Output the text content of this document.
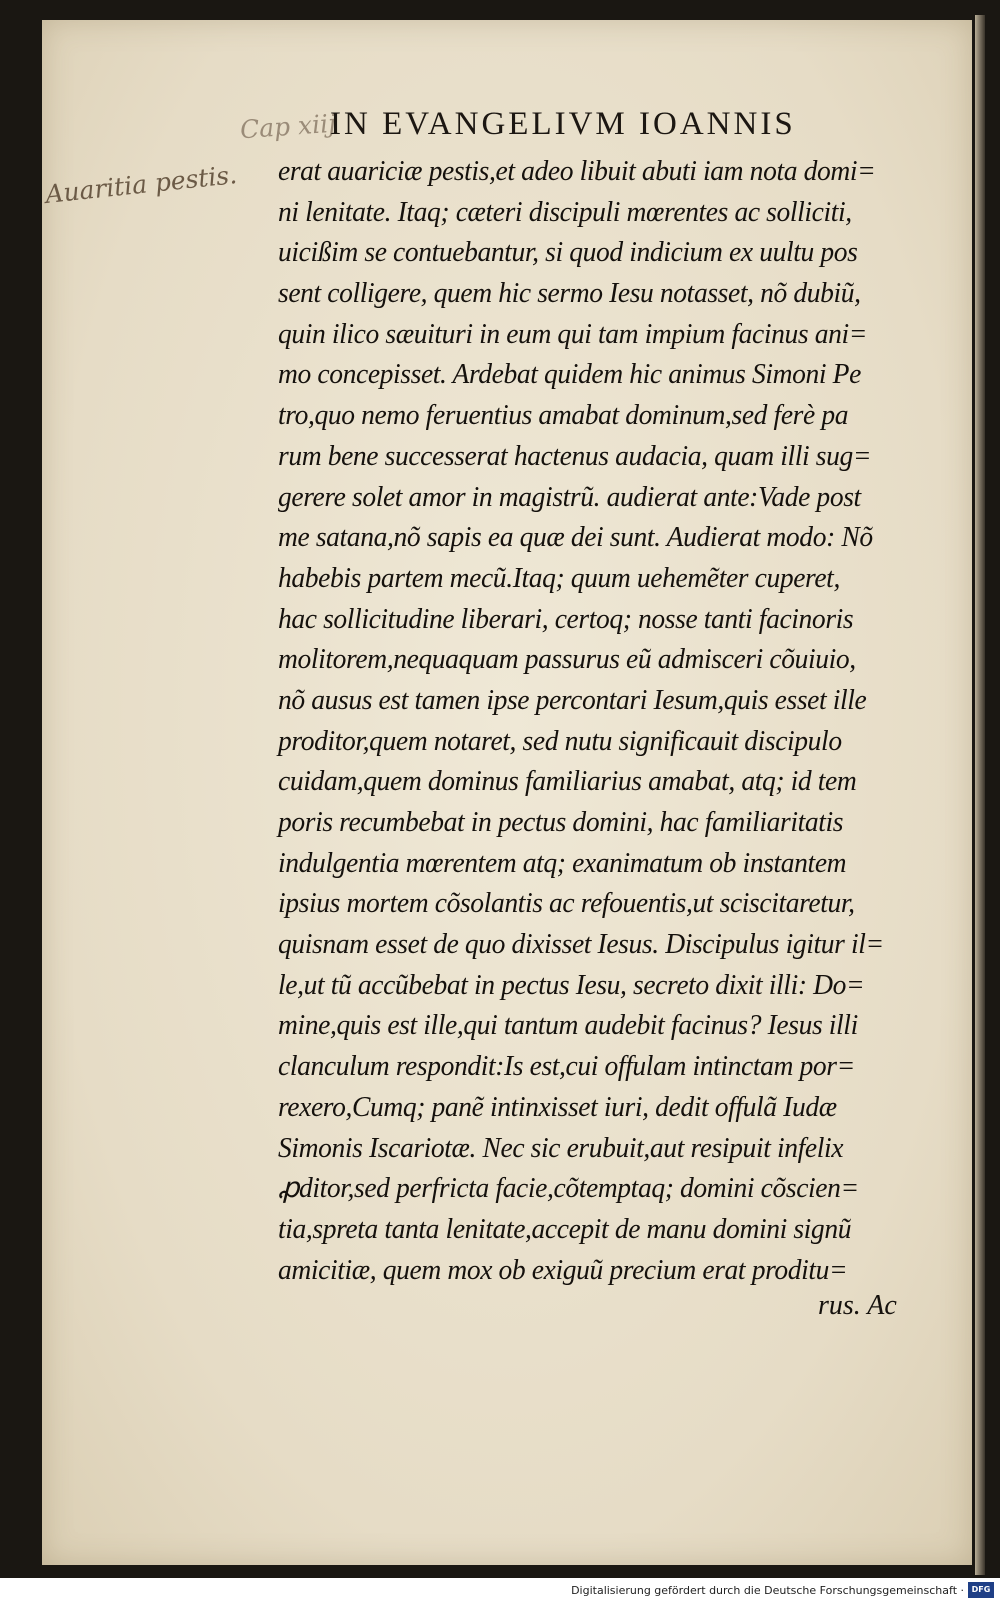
Cap xiij
Auaritia pestis.
IN EVANGELIVM IOANNIS
erat auariciæ pestis,et adeo libuit abuti iam nota domi=
ni lenitate. Itaq; cæteri discipuli mœrentes ac solliciti,
uicißim se contuebantur, si quod indicium ex uultu pos
sent colligere, quem hic sermo Iesu notasset, nõ dubiũ,
quin ilico sæuituri in eum qui tam impium facinus ani=
mo concepisset. Ardebat quidem hic animus Simoni Pe
tro,quo nemo feruentius amabat dominum,sed ferè pa
rum bene successerat hactenus audacia, quam illi sug=
gerere solet amor in magistrũ. audierat ante:Vade post
me satana,nõ sapis ea quæ dei sunt. Audierat modo: Nõ
habebis partem mecũ.Itaq; quum uehemẽter cuperet,
hac sollicitudine liberari, certoq; nosse tanti facinoris
molitorem,nequaquam passurus eũ admisceri cõuiuio,
nõ ausus est tamen ipse percontari Iesum,quis esset ille
proditor,quem notaret, sed nutu significauit discipulo
cuidam,quem dominus familiarius amabat, atq; id tem
poris recumbebat in pectus domini, hac familiaritatis
indulgentia mœrentem atq; exanimatum ob instantem
ipsius mortem cõsolantis ac refouentis,ut sciscitaretur,
quisnam esset de quo dixisset Iesus. Discipulus igitur il=
le,ut tũ accũbebat in pectus Iesu, secreto dixit illi: Do=
mine,quis est ille,qui tantum audebit facinus? Iesus illi
clanculum respondit:Is est,cui offulam intinctam por=
rexero,Cumq; panẽ intinxisset iuri, dedit offulã Iudæ
Simonis Iscariotæ. Nec sic erubuit,aut resipuit infelix
ꝓditor,sed perfricta facie,cõtemptaq; domini cõscien=
tia,spreta tanta lenitate,accepit de manu domini signũ
amicitiæ, quem mox ob exiguũ precium erat proditu=
rus. Ac
Digitalisierung gefördert durch die Deutsche Forschungsgemeinschaft · DFG
